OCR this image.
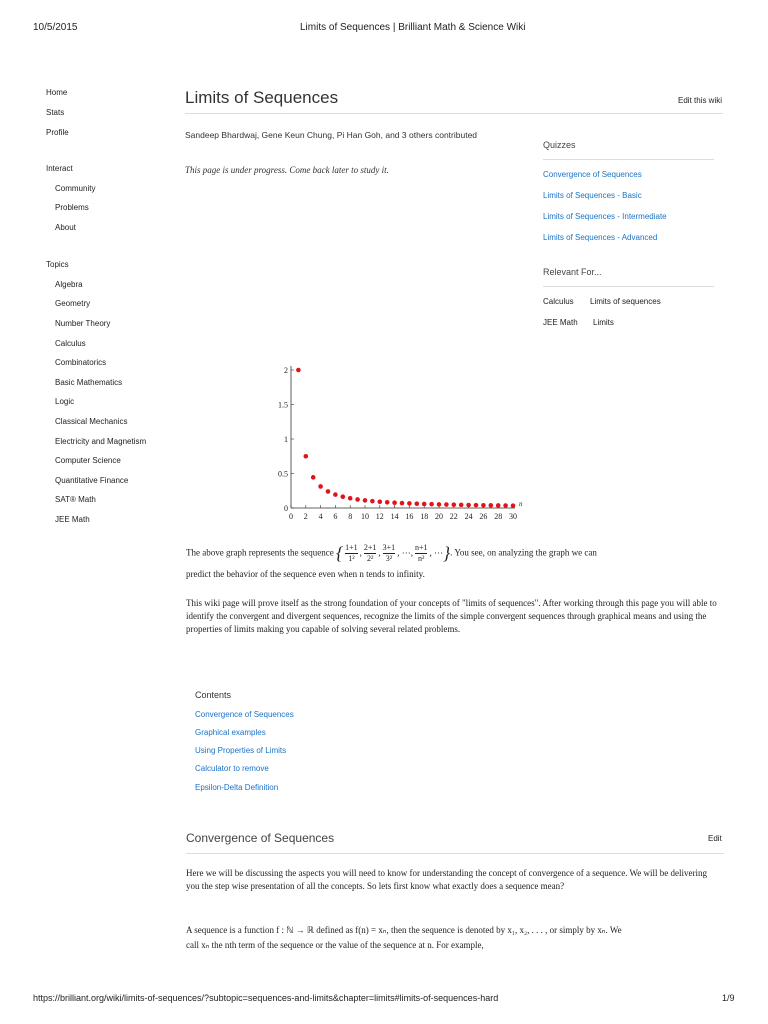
10/5/2015	Limits of Sequences | Brilliant Math & Science Wiki
Home
Stats
Profile
Interact
Community
Problems
About
Topics
Algebra
Geometry
Number Theory
Calculus
Combinatorics
Basic Mathematics
Logic
Classical Mechanics
Electricity and Magnetism
Computer Science
Quantitative Finance
SAT® Math
JEE Math
Limits of Sequences	Edit this wiki
Sandeep Bhardwaj, Gene Keun Chung, Pi Han Goh, and 3 others contributed
This page is under progress. Come back later to study it.
Quizzes
Convergence of Sequences
Limits of Sequences - Basic
Limits of Sequences - Intermediate
Limits of Sequences - Advanced
Relevant For...
Calculus Limits of sequences
JEE Math Limits
0 2 4 6 8 10 12 14 16 18 20 22 24 26 28 30
0
0.5
1
1.5
2
n
The above graph represents the sequence { $\frac{1+1}{\text{1²}}$ , $\frac{2+1}{\text{2²}}$ , $\frac{3+1}{\text{3²}}$ , ⋯, $\frac{n+1}{\text{n²}}$ , ⋯}. You see, on analyzing the graph we can
predict the behavior of the sequence even when n tends to infinity.
This wiki page will prove itself as the strong foundation of your concepts of "limits of sequences". After working through this page you will able to identify the convergent and divergent sequences, recognize the limits of the simple convergent sequences through graphical means and using the properties of limits making you capable of solving several related problems.
Contents
Convergence of Sequences
Graphical examples
Using Properties of Limits
Calculator to remove
Epsilon-Delta Definition
Convergence of Sequences	Edit
Here we will be discussing the aspects you will need to know for understanding the concept of convergence of a sequence. We will be delivering you the step wise presentation of all the concepts. So lets first know what exactly does a sequence mean?
A sequence is a function f : ℕ → ℝ defined as f(n) = xₙ, then the sequence is denoted by x₁, x₂, . . . , or simply by xₙ. We
call xₙ the nth term of the sequence or the value of the sequence at n. For example,
https://brilliant.org/wiki/limits-of-sequences/?subtopic=sequences-and-limits&chapter=limits#limits-of-sequences-hard	1/9
